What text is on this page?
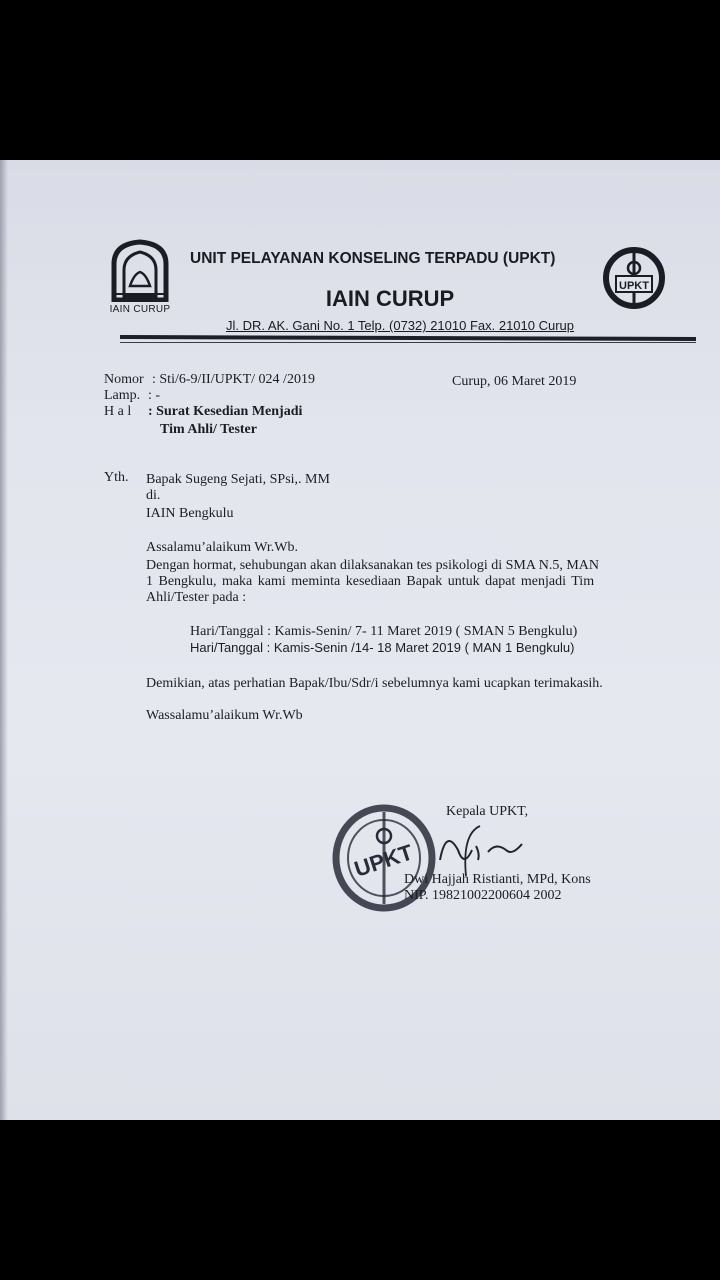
IAIN CURUP
UPKT
UNIT PELAYANAN KONSELING TERPADU (UPKT)
IAIN CURUP
Jl. DR. AK. Gani No. 1 Telp. (0732) 21010 Fax. 21010 Curup
Nomor : Sti/6-9/II/UPKT/ 024 /2019	Curup, 06 Maret 2019
Lamp. : -
H a l : Surat Kesedian Menjadi
Tim Ahli/ Tester
Yth. Bapak Sugeng Sejati, SPsi,. MM
di.
IAIN Bengkulu
Assalamu’alaikum Wr.Wb.
Dengan hormat, sehubungan akan dilaksanakan tes psikologi di SMA N.5, MAN
1 Bengkulu, maka kami meminta kesediaan Bapak untuk dapat menjadi Tim
Ahli/Tester pada :
Hari/Tanggal : Kamis-Senin/ 7- 11 Maret 2019 ( SMAN 5 Bengkulu)
Hari/Tanggal : Kamis-Senin /14- 18 Maret 2019 ( MAN 1 Bengkulu)
Demikian, atas perhatian Bapak/Ibu/Sdr/i sebelumnya kami ucapkan terimakasih.
Wassalamu’alaikum Wr.Wb
Kepala UPKT,
UPKT
Dwi Hajjah Ristianti, MPd, Kons
NIP. 19821002200604 2002
